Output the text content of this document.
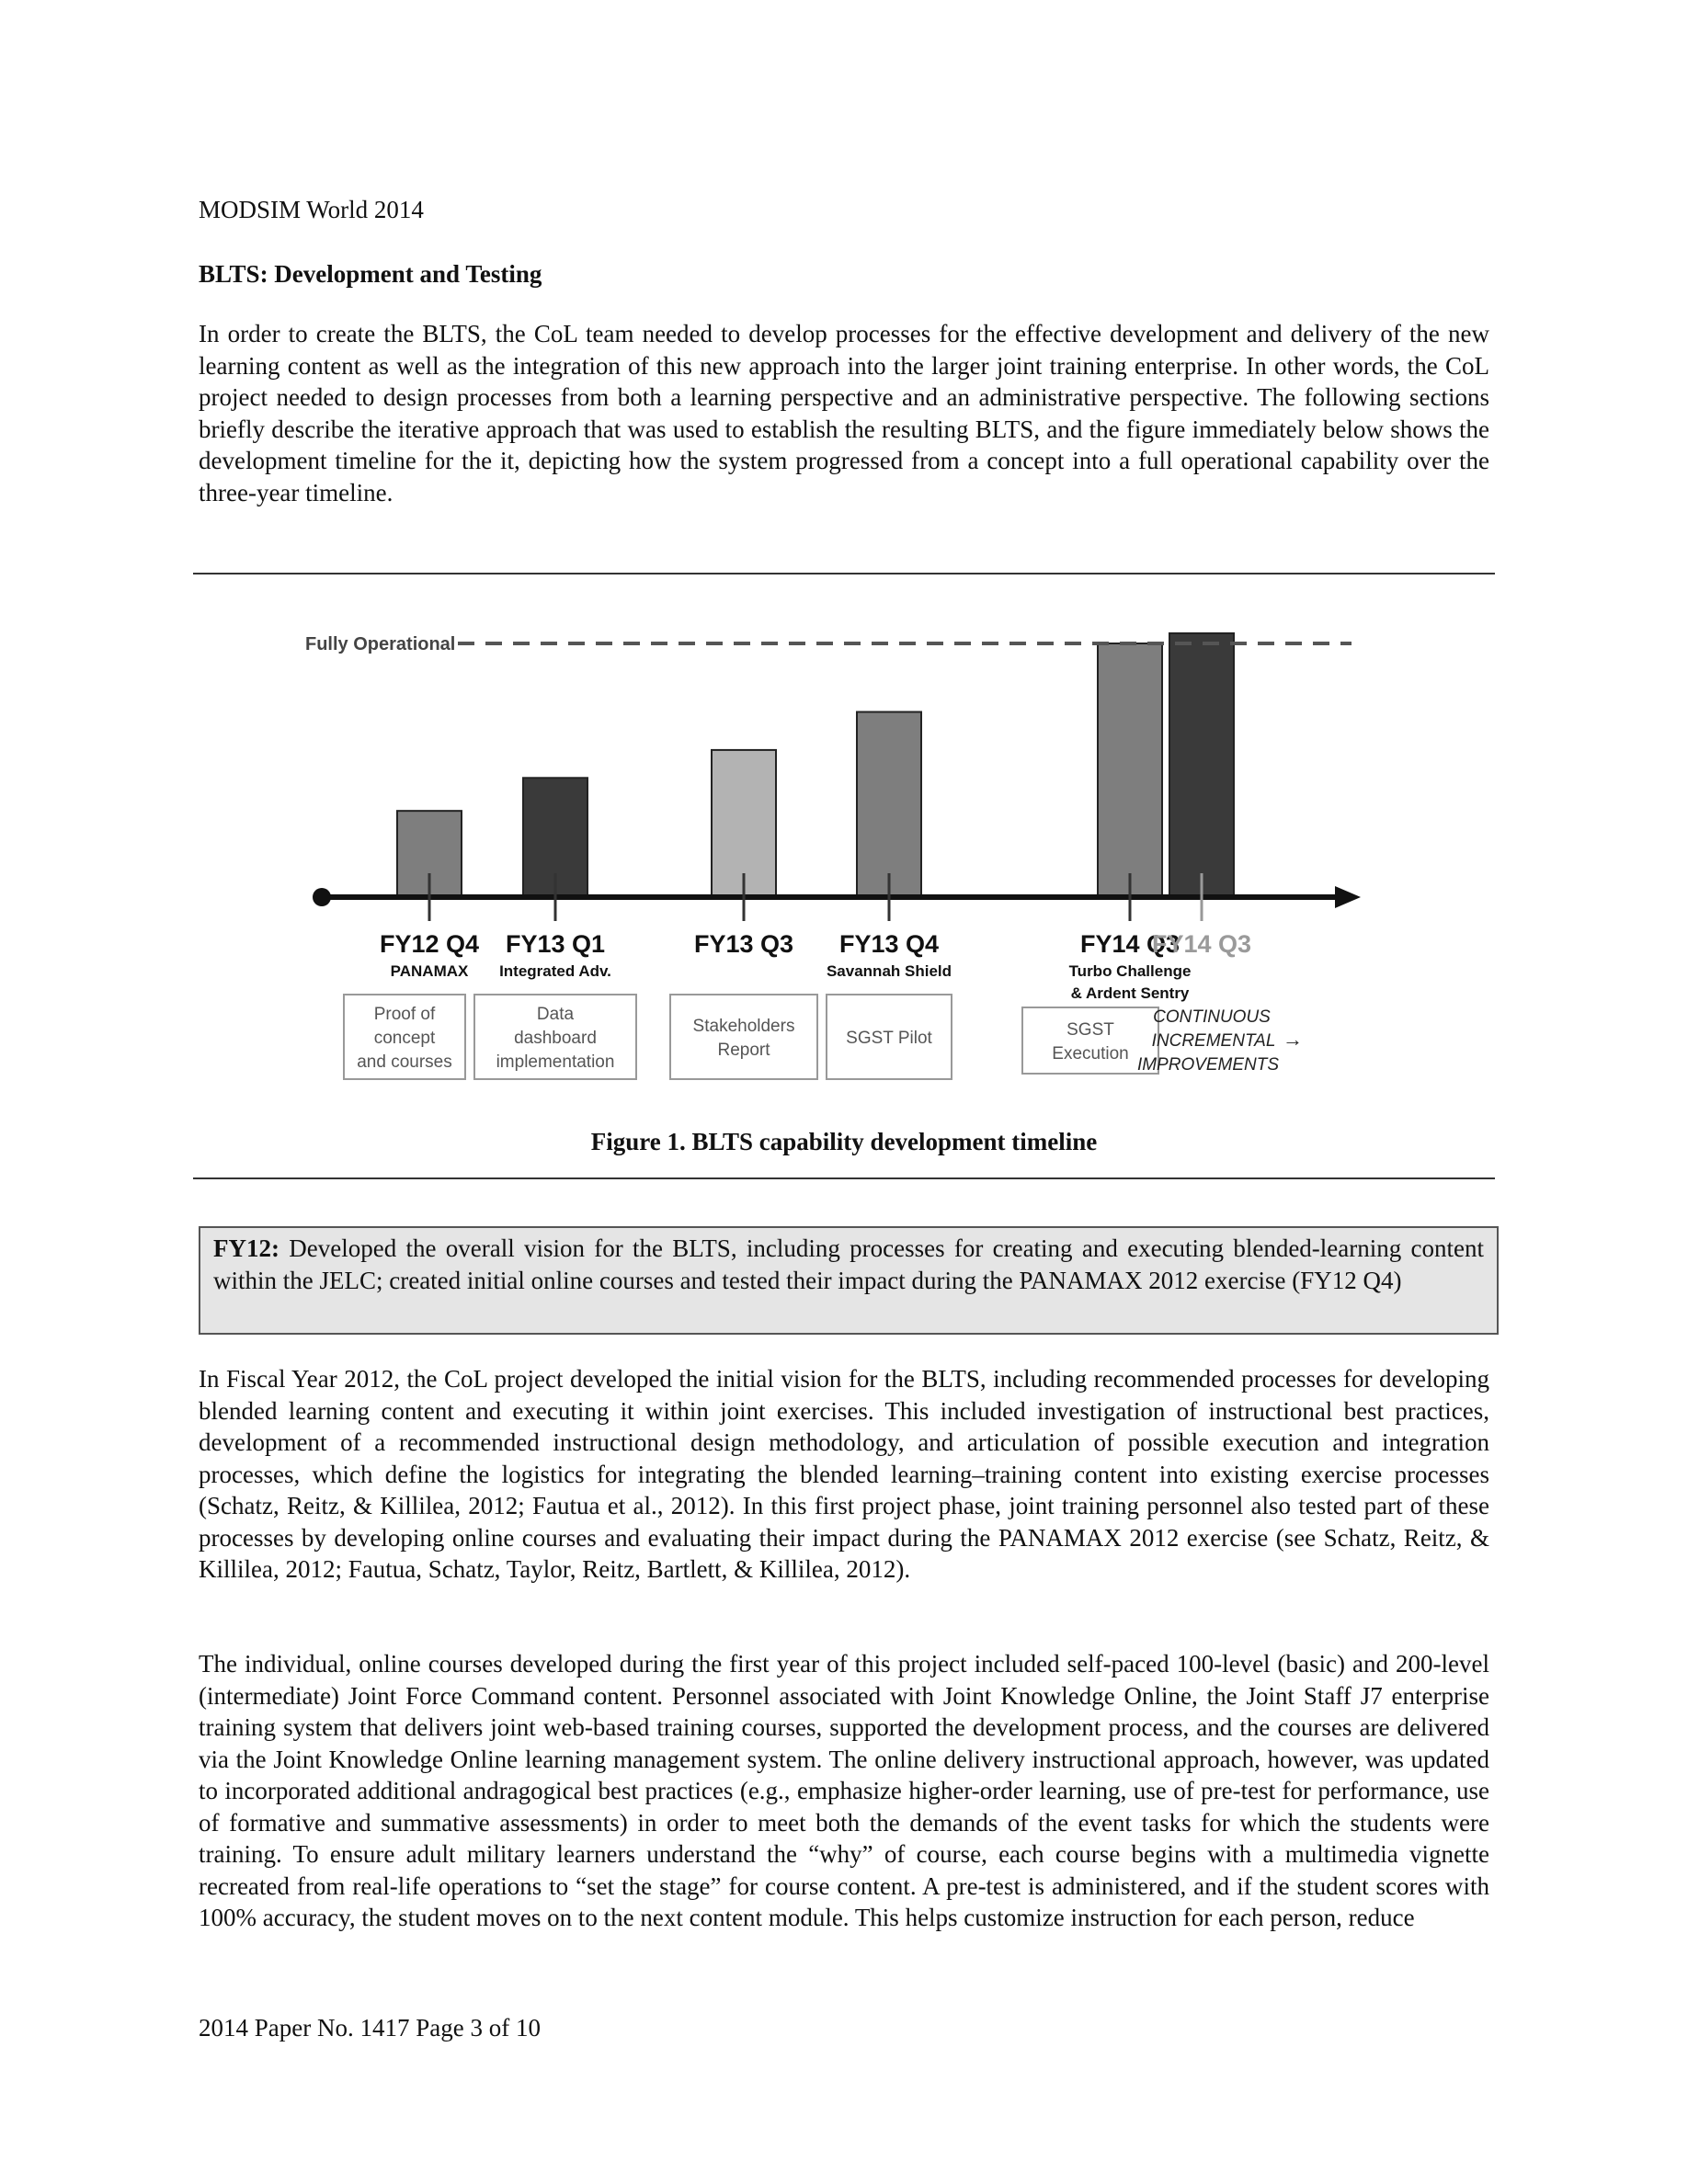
MODSIM World 2014
BLTS: Development and Testing

In order to create the BLTS, the CoL team needed to develop processes for the effective development and delivery of the new learning content as well as the integration of this new approach into the larger joint training enterprise. In other words, the CoL project needed to design processes from both a learning perspective and an administrative perspective. The following sections briefly describe the iterative approach that was used to establish the resulting BLTS, and the figure immediately below shows the development timeline for the it, depicting how the system progressed from a concept into a full operational capability over the three-year timeline.

Fully Operational
FY12 Q4
PANAMAX
FY13 Q1
Integrated Adv.
FY13 Q3 FY13 Q4
Savannah Shield
FY14 Q3
Turbo Challenge
& Ardent Sentry
FY14 Q3
Proof of
concept
and courses
Data
dashboard
implementation
Stakeholders
Report
SGST Pilot	SGST
Execution
CONTINUOUS
INCREMENTAL
IMPROVEMENTS
→
Figure 1. BLTS capability development timeline

FY12: Developed the overall vision for the BLTS, including processes for creating and executing blended-learning content within the JELC; created initial online courses and tested their impact during the PANAMAX 2012 exercise (FY12 Q4)

In Fiscal Year 2012, the CoL project developed the initial vision for the BLTS, including recommended processes for developing blended learning content and executing it within joint exercises. This included investigation of instructional best practices, development of a recommended instructional design methodology, and articulation of possible execution and integration processes, which define the logistics for integrating the blended learning–training content into existing exercise processes (Schatz, Reitz, & Killilea, 2012; Fautua et al., 2012). In this first project phase, joint training personnel also tested part of these processes by developing online courses and evaluating their impact during the PANAMAX 2012 exercise (see Schatz, Reitz, & Killilea, 2012; Fautua, Schatz, Taylor, Reitz, Bartlett, & Killilea, 2012).

The individual, online courses developed during the first year of this project included self-paced 100-level (basic) and 200-level (intermediate) Joint Force Command content. Personnel associated with Joint Knowledge Online, the Joint Staff J7 enterprise training system that delivers joint web-based training courses, supported the development process, and the courses are delivered via the Joint Knowledge Online learning management system. The online delivery instructional approach, however, was updated to incorporated additional andragogical best practices (e.g., emphasize higher-order learning, use of pre-test for performance, use of formative and summative assessments) in order to meet both the demands of the event tasks for which the students were training. To ensure adult military learners understand the “why” of course, each course begins with a multimedia vignette recreated from real-life operations to “set the stage” for course content. A pre-test is administered, and if the student scores with 100% accuracy, the student moves on to the next content module. This helps customize instruction for each person, reduce

2014 Paper No. 1417 Page 3 of 10
